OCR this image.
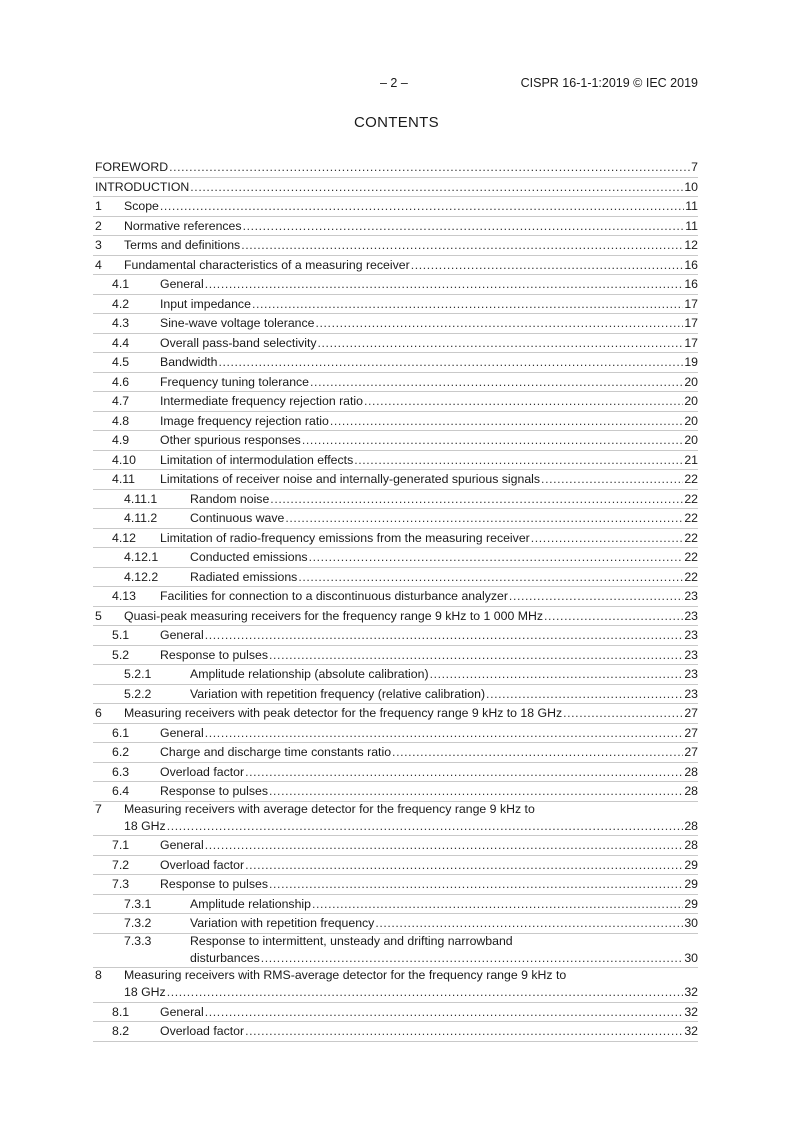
– 2 –	CISPR 16-1-1:2019 © IEC 2019
CONTENTS
FOREWORD .....	7
INTRODUCTION .....	10
1	Scope .....	11
2	Normative references .....	11
3	Terms and definitions .....	12
4	Fundamental characteristics of a measuring receiver .....	16
4.1	General .....	16
4.2	Input impedance .....	17
4.3	Sine-wave voltage tolerance .....	17
4.4	Overall pass-band selectivity .....	17
4.5	Bandwidth .....	19
4.6	Frequency tuning tolerance .....	20
4.7	Intermediate frequency rejection ratio .....	20
4.8	Image frequency rejection ratio .....	20
4.9	Other spurious responses .....	20
4.10	Limitation of intermodulation effects .....	21
4.11	Limitations of receiver noise and internally-generated spurious signals .....	22
4.11.1	Random noise .....	22
4.11.2	Continuous wave .....	22
4.12	Limitation of radio-frequency emissions from the measuring receiver .....	22
4.12.1	Conducted emissions .....	22
4.12.2	Radiated emissions .....	22
4.13	Facilities for connection to a discontinuous disturbance analyzer .....	23
5	Quasi-peak measuring receivers for the frequency range 9 kHz to 1 000 MHz .....	23
5.1	General .....	23
5.2	Response to pulses .....	23
5.2.1	Amplitude relationship (absolute calibration) .....	23
5.2.2	Variation with repetition frequency (relative calibration) .....	23
6	Measuring receivers with peak detector for the frequency range 9 kHz to 18 GHz .....	27
6.1	General .....	27
6.2	Charge and discharge time constants ratio .....	27
6.3	Overload factor .....	28
6.4	Response to pulses .....	28
7	Measuring receivers with average detector for the frequency range 9 kHz to
18 GHz .....	28
7.1	General .....	28
7.2	Overload factor .....	29
7.3	Response to pulses .....	29
7.3.1	Amplitude relationship .....	29
7.3.2	Variation with repetition frequency .....	30
7.3.3	Response to intermittent, unsteady and drifting narrowband
disturbances .....	30
8	Measuring receivers with RMS-average detector for the frequency range 9 kHz to
18 GHz .....	32
8.1	General .....	32
8.2	Overload factor .....	32
